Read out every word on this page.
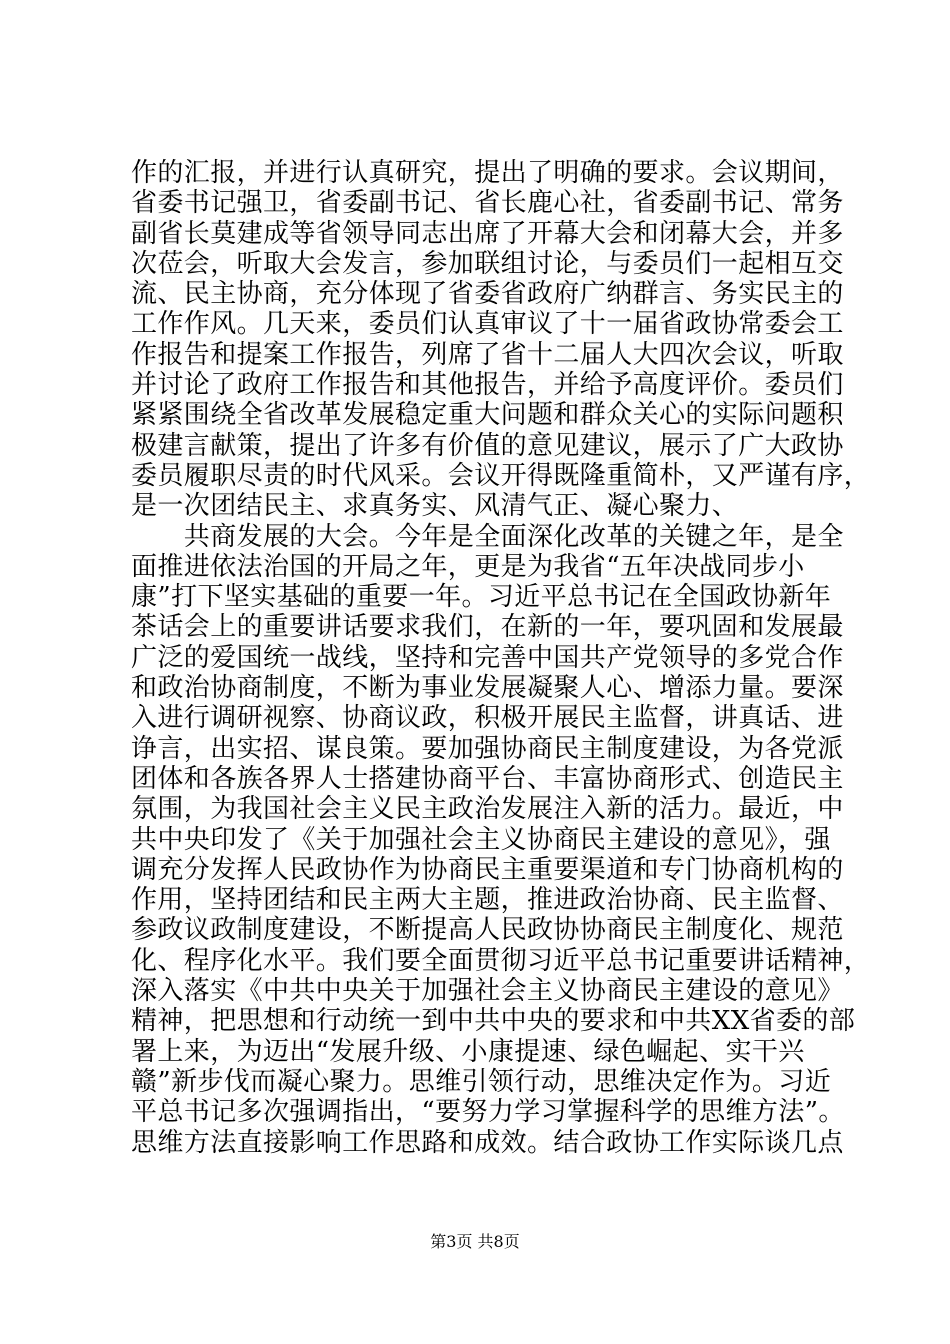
作的汇报，并进行认真研究，提出了明确的要求。会议期间，
省委书记强卫，省委副书记、省长鹿心社，省委副书记、常务
副省长莫建成等省领导同志出席了开幕大会和闭幕大会，并多
次莅会，听取大会发言，参加联组讨论，与委员们一起相互交
流、民主协商，充分体现了省委省政府广纳群言、务实民主的
工作作风。几天来，委员们认真审议了十一届省政协常委会工
作报告和提案工作报告，列席了省十二届人大四次会议，听取
并讨论了政府工作报告和其他报告，并给予高度评价。委员们
紧紧围绕全省改革发展稳定重大问题和群众关心的实际问题积
极建言献策，提出了许多有价值的意见建议，展示了广大政协
委员履职尽责的时代风采。会议开得既隆重简朴，又严谨有序，
是一次团结民主、求真务实、风清气正、凝心聚力、
　　共商发展的大会。今年是全面深化改革的关键之年，是全
面推进依法治国的开局之年，更是为我省“五年决战同步小
康”打下坚实基础的重要一年。习近平总书记在全国政协新年
茶话会上的重要讲话要求我们，在新的一年，要巩固和发展最
广泛的爱国统一战线，坚持和完善中国共产党领导的多党合作
和政治协商制度，不断为事业发展凝聚人心、增添力量。要深
入进行调研视察、协商议政，积极开展民主监督，讲真话、进
诤言，出实招、谋良策。要加强协商民主制度建设，为各党派
团体和各族各界人士搭建协商平台、丰富协商形式、创造民主
氛围，为我国社会主义民主政治发展注入新的活力。最近，中
共中央印发了《关于加强社会主义协商民主建设的意见》，强
调充分发挥人民政协作为协商民主重要渠道和专门协商机构的
作用，坚持团结和民主两大主题，推进政治协商、民主监督、
参政议政制度建设，不断提高人民政协协商民主制度化、规范
化、程序化水平。我们要全面贯彻习近平总书记重要讲话精神，
深入落实《中共中央关于加强社会主义协商民主建设的意见》
精神，把思想和行动统一到中共中央的要求和中共XX省委的部
署上来，为迈出“发展升级、小康提速、绿色崛起、实干兴
赣”新步伐而凝心聚力。思维引领行动，思维决定作为。习近
平总书记多次强调指出，“要努力学习掌握科学的思维方法”。
思维方法直接影响工作思路和成效。结合政协工作实际谈几点
第3页 共8页
